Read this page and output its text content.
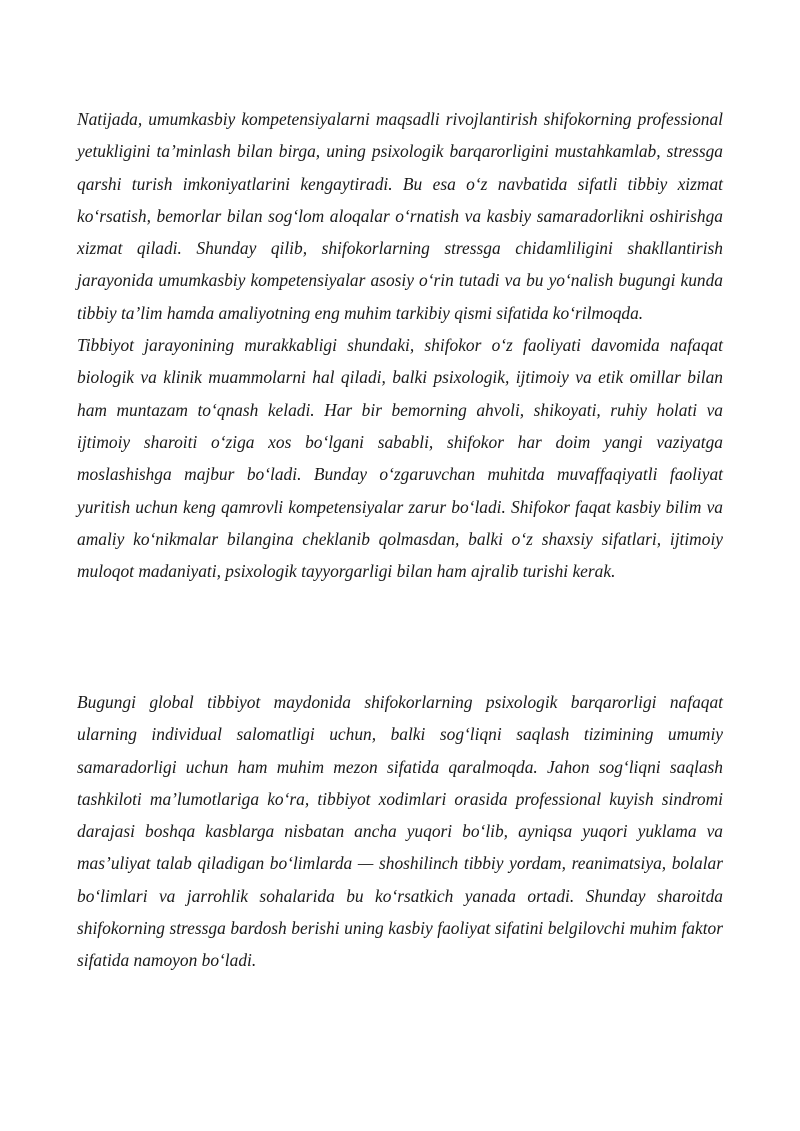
Natijada, umumkasbiy kompetensiyalarni maqsadli rivojlantirish shifokorning professional yetukligini ta’minlash bilan birga, uning psixologik barqarorligini mustahkamlab, stressga qarshi turish imkoniyatlarini kengaytiradi. Bu esa o‘z navbatida sifatli tibbiy xizmat ko‘rsatish, bemorlar bilan sog‘lom aloqalar o‘rnatish va kasbiy samaradorlikni oshirishga xizmat qiladi. Shunday qilib, shifokorlarning stressga chidamliligini shakllantirish jarayonida umumkasbiy kompetensiyalar asosiy o‘rin tutadi va bu yo‘nalish bugungi kunda tibbiy ta’lim hamda amaliyotning eng muhim tarkibiy qismi sifatida ko‘rilmoqda.

Tibbiyot jarayonining murakkabligi shundaki, shifokor o‘z faoliyati davomida nafaqat biologik va klinik muammolarni hal qiladi, balki psixologik, ijtimoiy va etik omillar bilan ham muntazam to‘qnash keladi. Har bir bemorning ahvoli, shikoyati, ruhiy holati va ijtimoiy sharoiti o‘ziga xos bo‘lgani sababli, shifokor har doim yangi vaziyatga moslashishga majbur bo‘ladi. Bunday o‘zgaruvchan muhitda muvaffaqiyatli faoliyat yuritish uchun keng qamrovli kompetensiyalar zarur bo‘ladi. Shifokor faqat kasbiy bilim va amaliy ko‘nikmalar bilangina cheklanib qolmasdan, balki o‘z shaxsiy sifatlari, ijtimoiy muloqot madaniyati, psixologik tayyorgarligi bilan ham ajralib turishi kerak.

Bugungi global tibbiyot maydonida shifokorlarning psixologik barqarorligi nafaqat ularning individual salomatligi uchun, balki sog‘liqni saqlash tizimining umumiy samaradorligi uchun ham muhim mezon sifatida qaralmoqda. Jahon sog‘liqni saqlash tashkiloti ma’lumotlariga ko‘ra, tibbiyot xodimlari orasida professional kuyish sindromi darajasi boshqa kasblarga nisbatan ancha yuqori bo‘lib, ayniqsa yuqori yuklama va mas’uliyat talab qiladigan bo‘limlarda — shoshilinch tibbiy yordam, reanimatsiya, bolalar bo‘limlari va jarrohlik sohalarida bu ko‘rsatkich yanada ortadi. Shunday sharoitda shifokorning stressga bardosh berishi uning kasbiy faoliyat sifatini belgilovchi muhim faktor sifatida namoyon bo‘ladi.
